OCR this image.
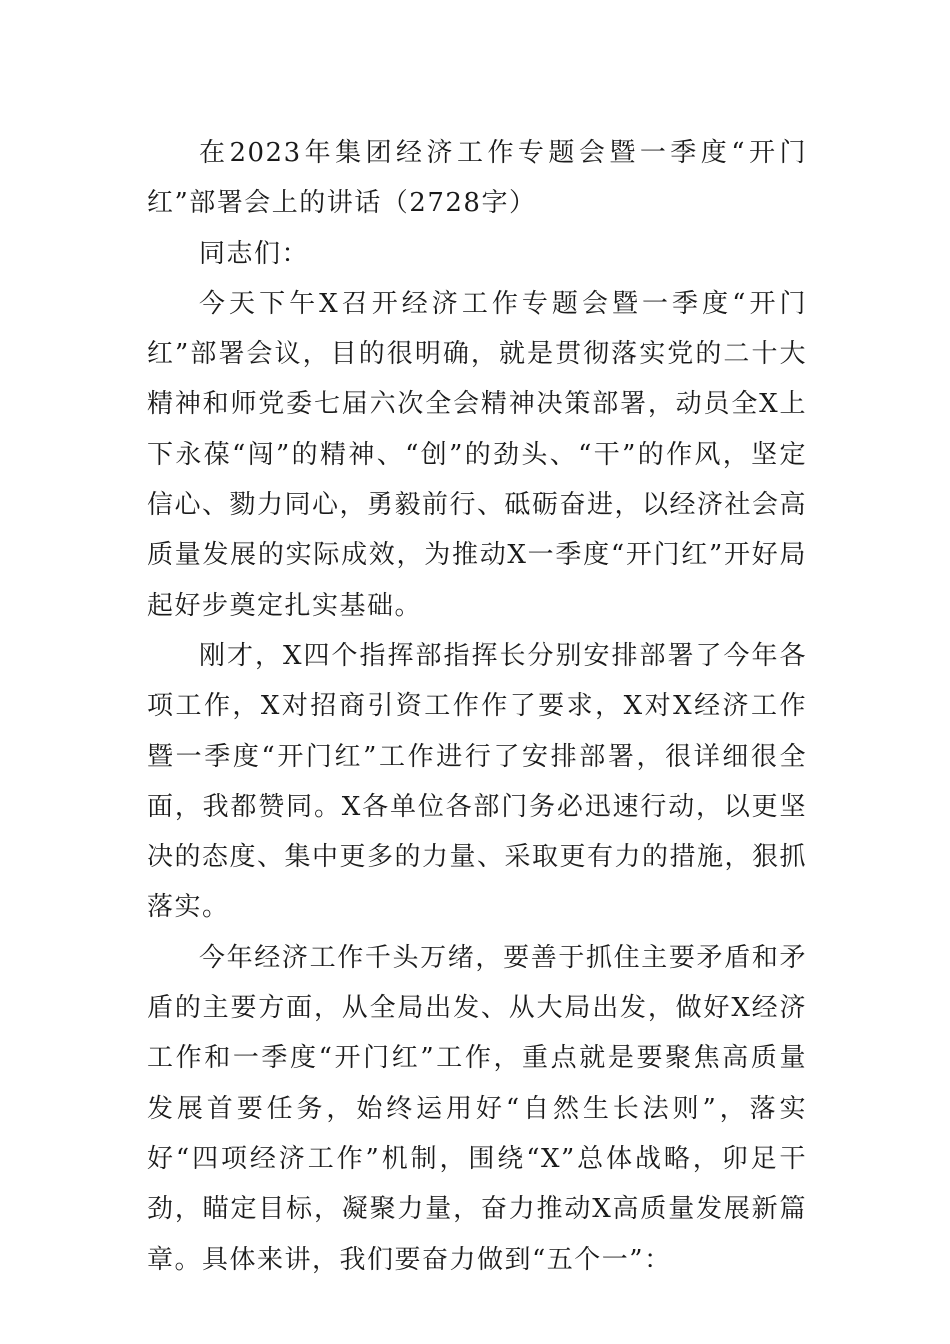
在2023年集团经济工作专题会暨一季度“开门红”部署会上的讲话（2728字）

同志们：

今天下午X召开经济工作专题会暨一季度“开门红”部署会议，目的很明确，就是贯彻落实党的二十大精神和师党委七届六次全会精神决策部署，动员全X上下永葆“闯”的精神、“创”的劲头、“干”的作风，坚定信心、勠力同心，勇毅前行、砥砺奋进，以经济社会高质量发展的实际成效，为推动X一季度“开门红”开好局起好步奠定扎实基础。

刚才，X四个指挥部指挥长分别安排部署了今年各项工作，X对招商引资工作作了要求，X对X经济工作暨一季度“开门红”工作进行了安排部署，很详细很全面，我都赞同。X各单位各部门务必迅速行动，以更坚决的态度、集中更多的力量、采取更有力的措施，狠抓落实。

今年经济工作千头万绪，要善于抓住主要矛盾和矛盾的主要方面，从全局出发、从大局出发，做好X经济工作和一季度“开门红”工作，重点就是要聚焦高质量发展首要任务，始终运用好“自然生长法则”，落实好“四项经济工作”机制，围绕“X”总体战略，卯足干劲，瞄定目标，凝聚力量，奋力推动X高质量发展新篇章。具体来讲，我们要奋力做到“五个一”：
